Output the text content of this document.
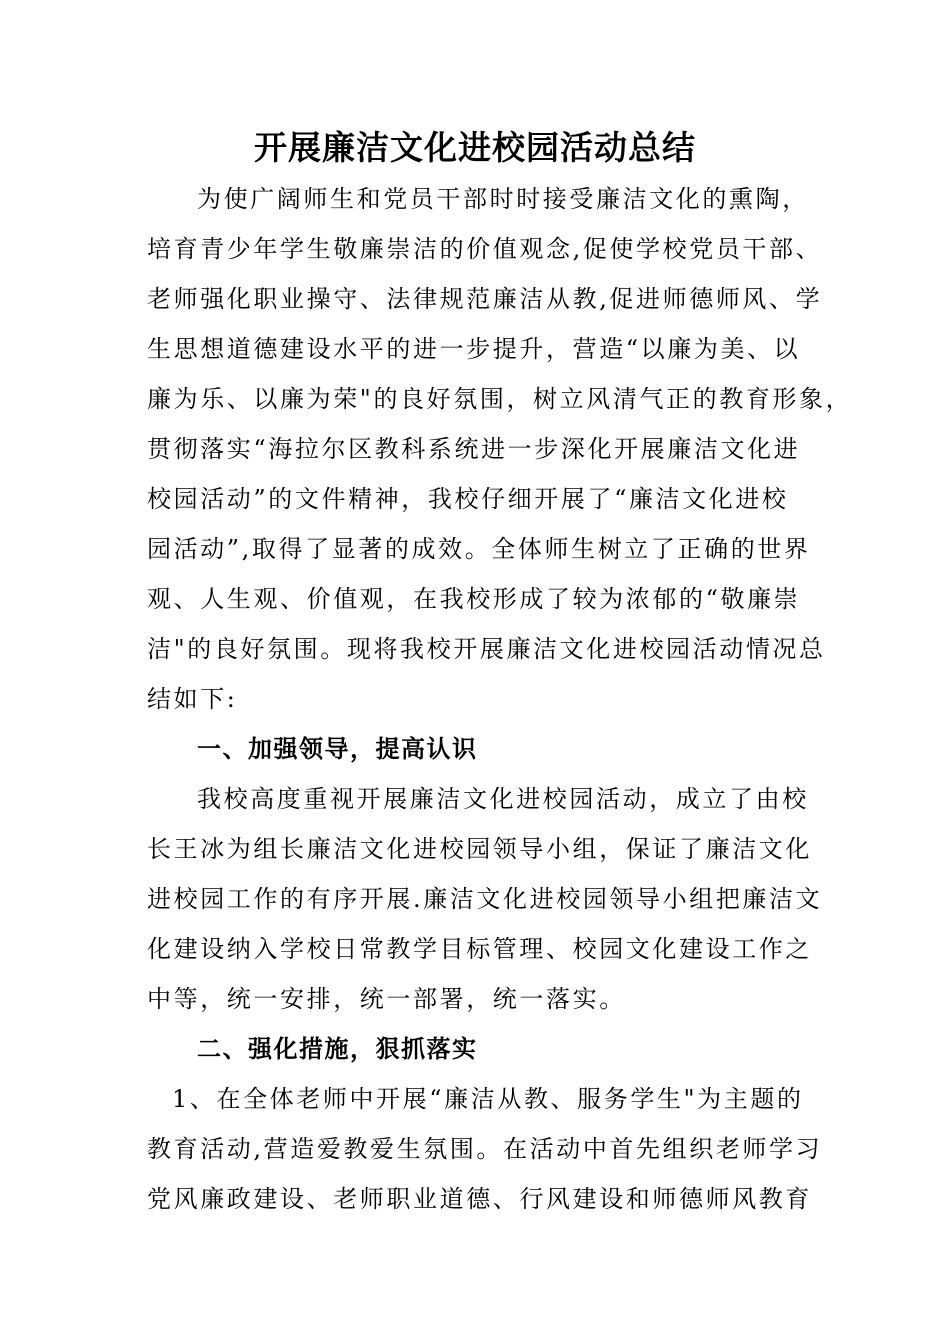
开展廉洁文化进校园活动总结

为使广阔师生和党员干部时时接受廉洁文化的熏陶，

培育青少年学生敬廉崇洁的价值观念,促使学校党员干部、

老师强化职业操守、法律规范廉洁从教,促进师德师风、学

生思想道德建设水平的进一步提升，营造“以廉为美、以

廉为乐、以廉为荣"的良好氛围，树立风清气正的教育形象，

贯彻落实“海拉尔区教科系统进一步深化开展廉洁文化进

校园活动”的文件精神，我校仔细开展了“廉洁文化进校

园活动”,取得了显著的成效。全体师生树立了正确的世界

观、人生观、价值观，在我校形成了较为浓郁的“敬廉崇

洁"的良好氛围。现将我校开展廉洁文化进校园活动情况总

结如下:

一、加强领导，提高认识

我校高度重视开展廉洁文化进校园活动，成立了由校

长王冰为组长廉洁文化进校园领导小组，保证了廉洁文化

进校园工作的有序开展.廉洁文化进校园领导小组把廉洁文

化建设纳入学校日常教学目标管理、校园文化建设工作之

中等，统一安排，统一部署，统一落实。

二、强化措施，狠抓落实

1、在全体老师中开展“廉洁从教、服务学生"为主题的

教育活动,营造爱教爱生氛围。在活动中首先组织老师学习

党风廉政建设、老师职业道德、行风建设和师德师风教育
